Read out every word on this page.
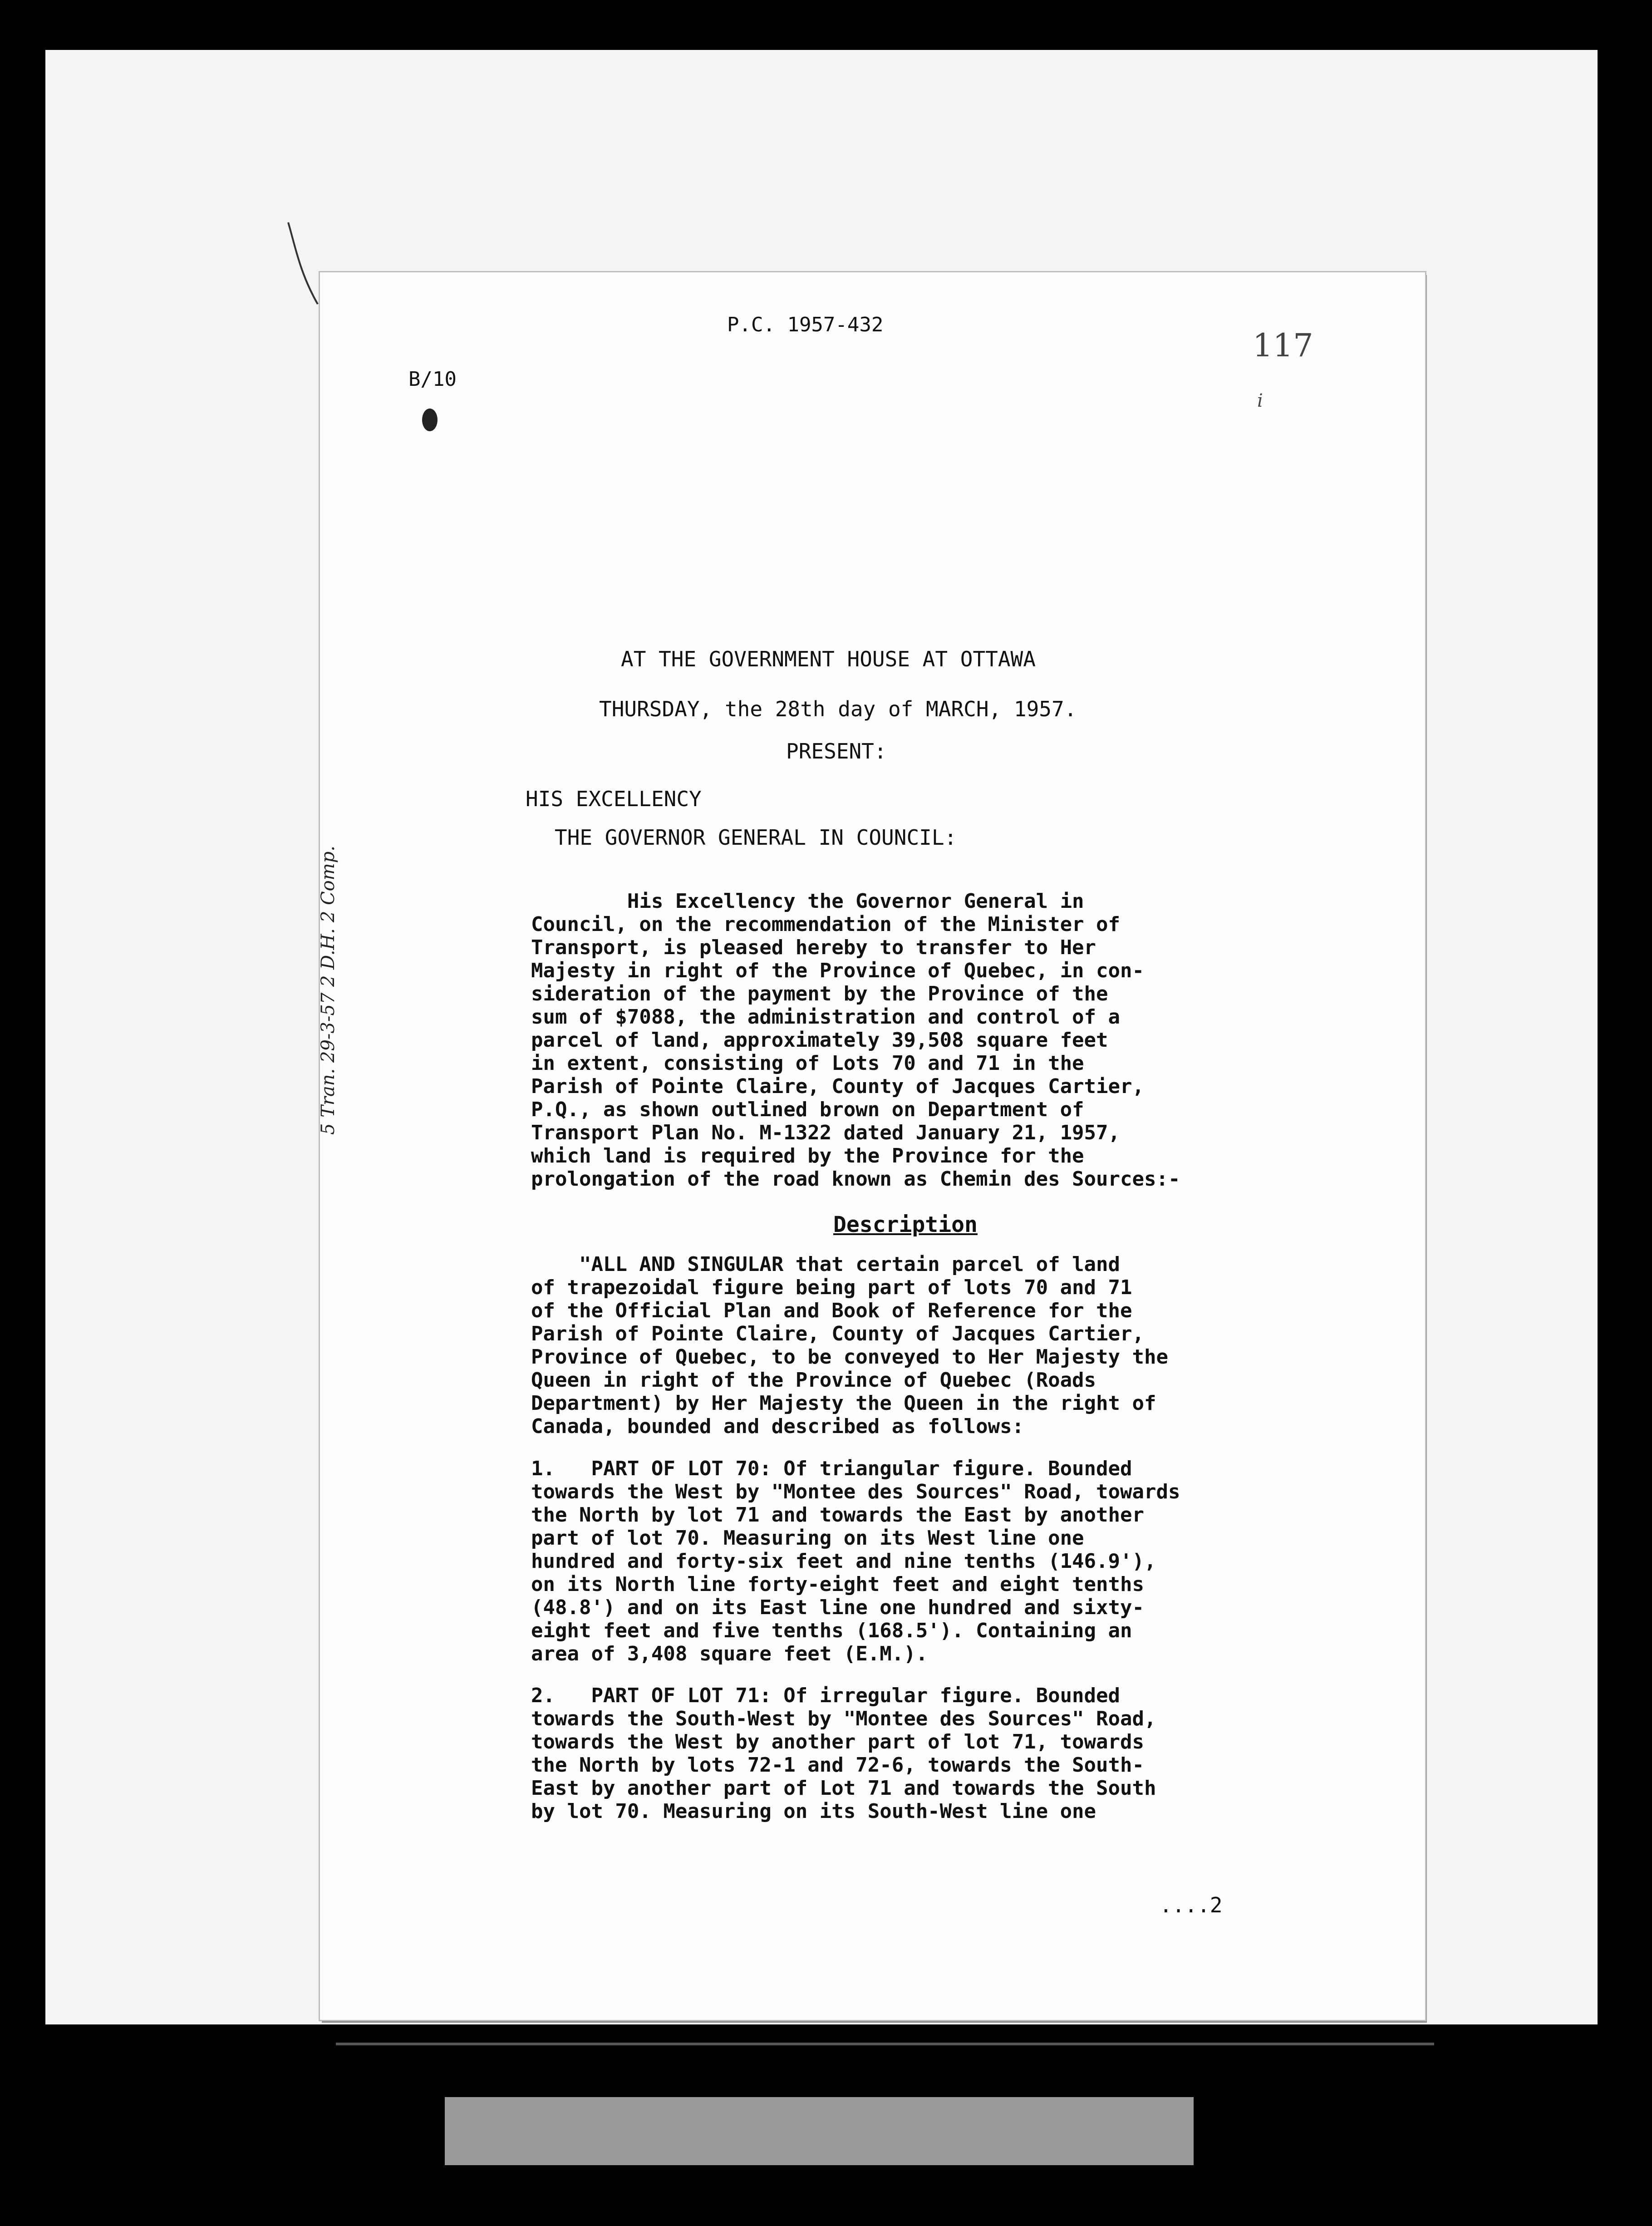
P.C. 1957-432
B/10
117
i
5 Tran. 29-3-57 2 D.H. 2 Comp.
AT THE GOVERNMENT HOUSE AT OTTAWA
THURSDAY, the 28th day of MARCH, 1957.
PRESENT:
HIS EXCELLENCY
THE GOVERNOR GENERAL IN COUNCIL:
His Excellency the Governor General in
Council, on the recommendation of the Minister of
Transport, is pleased hereby to transfer to Her
Majesty in right of the Province of Quebec, in con-
sideration of the payment by the Province of the
sum of $7088, the administration and control of a
parcel of land, approximately 39,508 square feet
in extent, consisting of Lots 70 and 71 in the
Parish of Pointe Claire, County of Jacques Cartier,
P.Q., as shown outlined brown on Department of
Transport Plan No. M-1322 dated January 21, 1957,
which land is required by the Province for the
prolongation of the road known as Chemin des Sources:-
Description
"ALL AND SINGULAR that certain parcel of land
of trapezoidal figure being part of lots 70 and 71
of the Official Plan and Book of Reference for the
Parish of Pointe Claire, County of Jacques Cartier,
Province of Quebec, to be conveyed to Her Majesty the
Queen in right of the Province of Quebec (Roads
Department) by Her Majesty the Queen in the right of
Canada, bounded and described as follows:
1.   PART OF LOT 70: Of triangular figure. Bounded
towards the West by "Montee des Sources" Road, towards
the North by lot 71 and towards the East by another
part of lot 70. Measuring on its West line one
hundred and forty-six feet and nine tenths (146.9'),
on its North line forty-eight feet and eight tenths
(48.8') and on its East line one hundred and sixty-
eight feet and five tenths (168.5'). Containing an
area of 3,408 square feet (E.M.).
2.   PART OF LOT 71: Of irregular figure. Bounded
towards the South-West by "Montee des Sources" Road,
towards the West by another part of lot 71, towards
the North by lots 72-1 and 72-6, towards the South-
East by another part of Lot 71 and towards the South
by lot 70. Measuring on its South-West line one
....2
